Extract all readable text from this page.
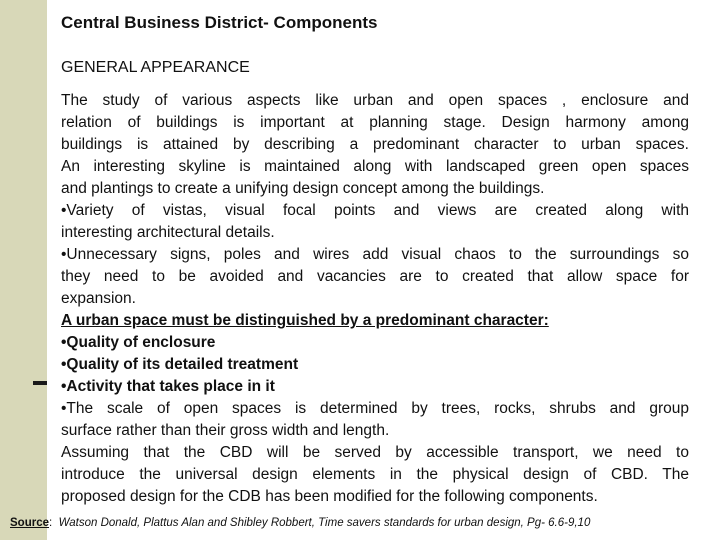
Central Business District- Components
GENERAL APPEARANCE
The study of various aspects like urban and open spaces , enclosure and
relation of buildings is important at planning stage. Design harmony among
buildings is attained by describing a predominant character to urban spaces.
An interesting skyline is maintained along with landscaped green open spaces
and plantings to create a unifying design concept among the buildings.
•Variety of vistas, visual focal points and views are created along with
interesting architectural details.
•Unnecessary signs, poles and wires add visual chaos to the surroundings so
they need to be avoided and vacancies are to created that allow space for
expansion.
A urban space must be distinguished by a predominant character:
•Quality of enclosure
•Quality of its detailed treatment
•Activity that takes place in it
•The scale of open spaces is determined by trees, rocks, shrubs and group
surface rather than their gross width and length.
Assuming that the CBD will be served by accessible transport, we need to
introduce the universal design elements in the physical design of CBD. The
proposed design for the CDB has been modified for the following components.
Source:  Watson Donald, Plattus Alan and Shibley Robbert, Time savers standards for urban design, Pg- 6.6-9,10
